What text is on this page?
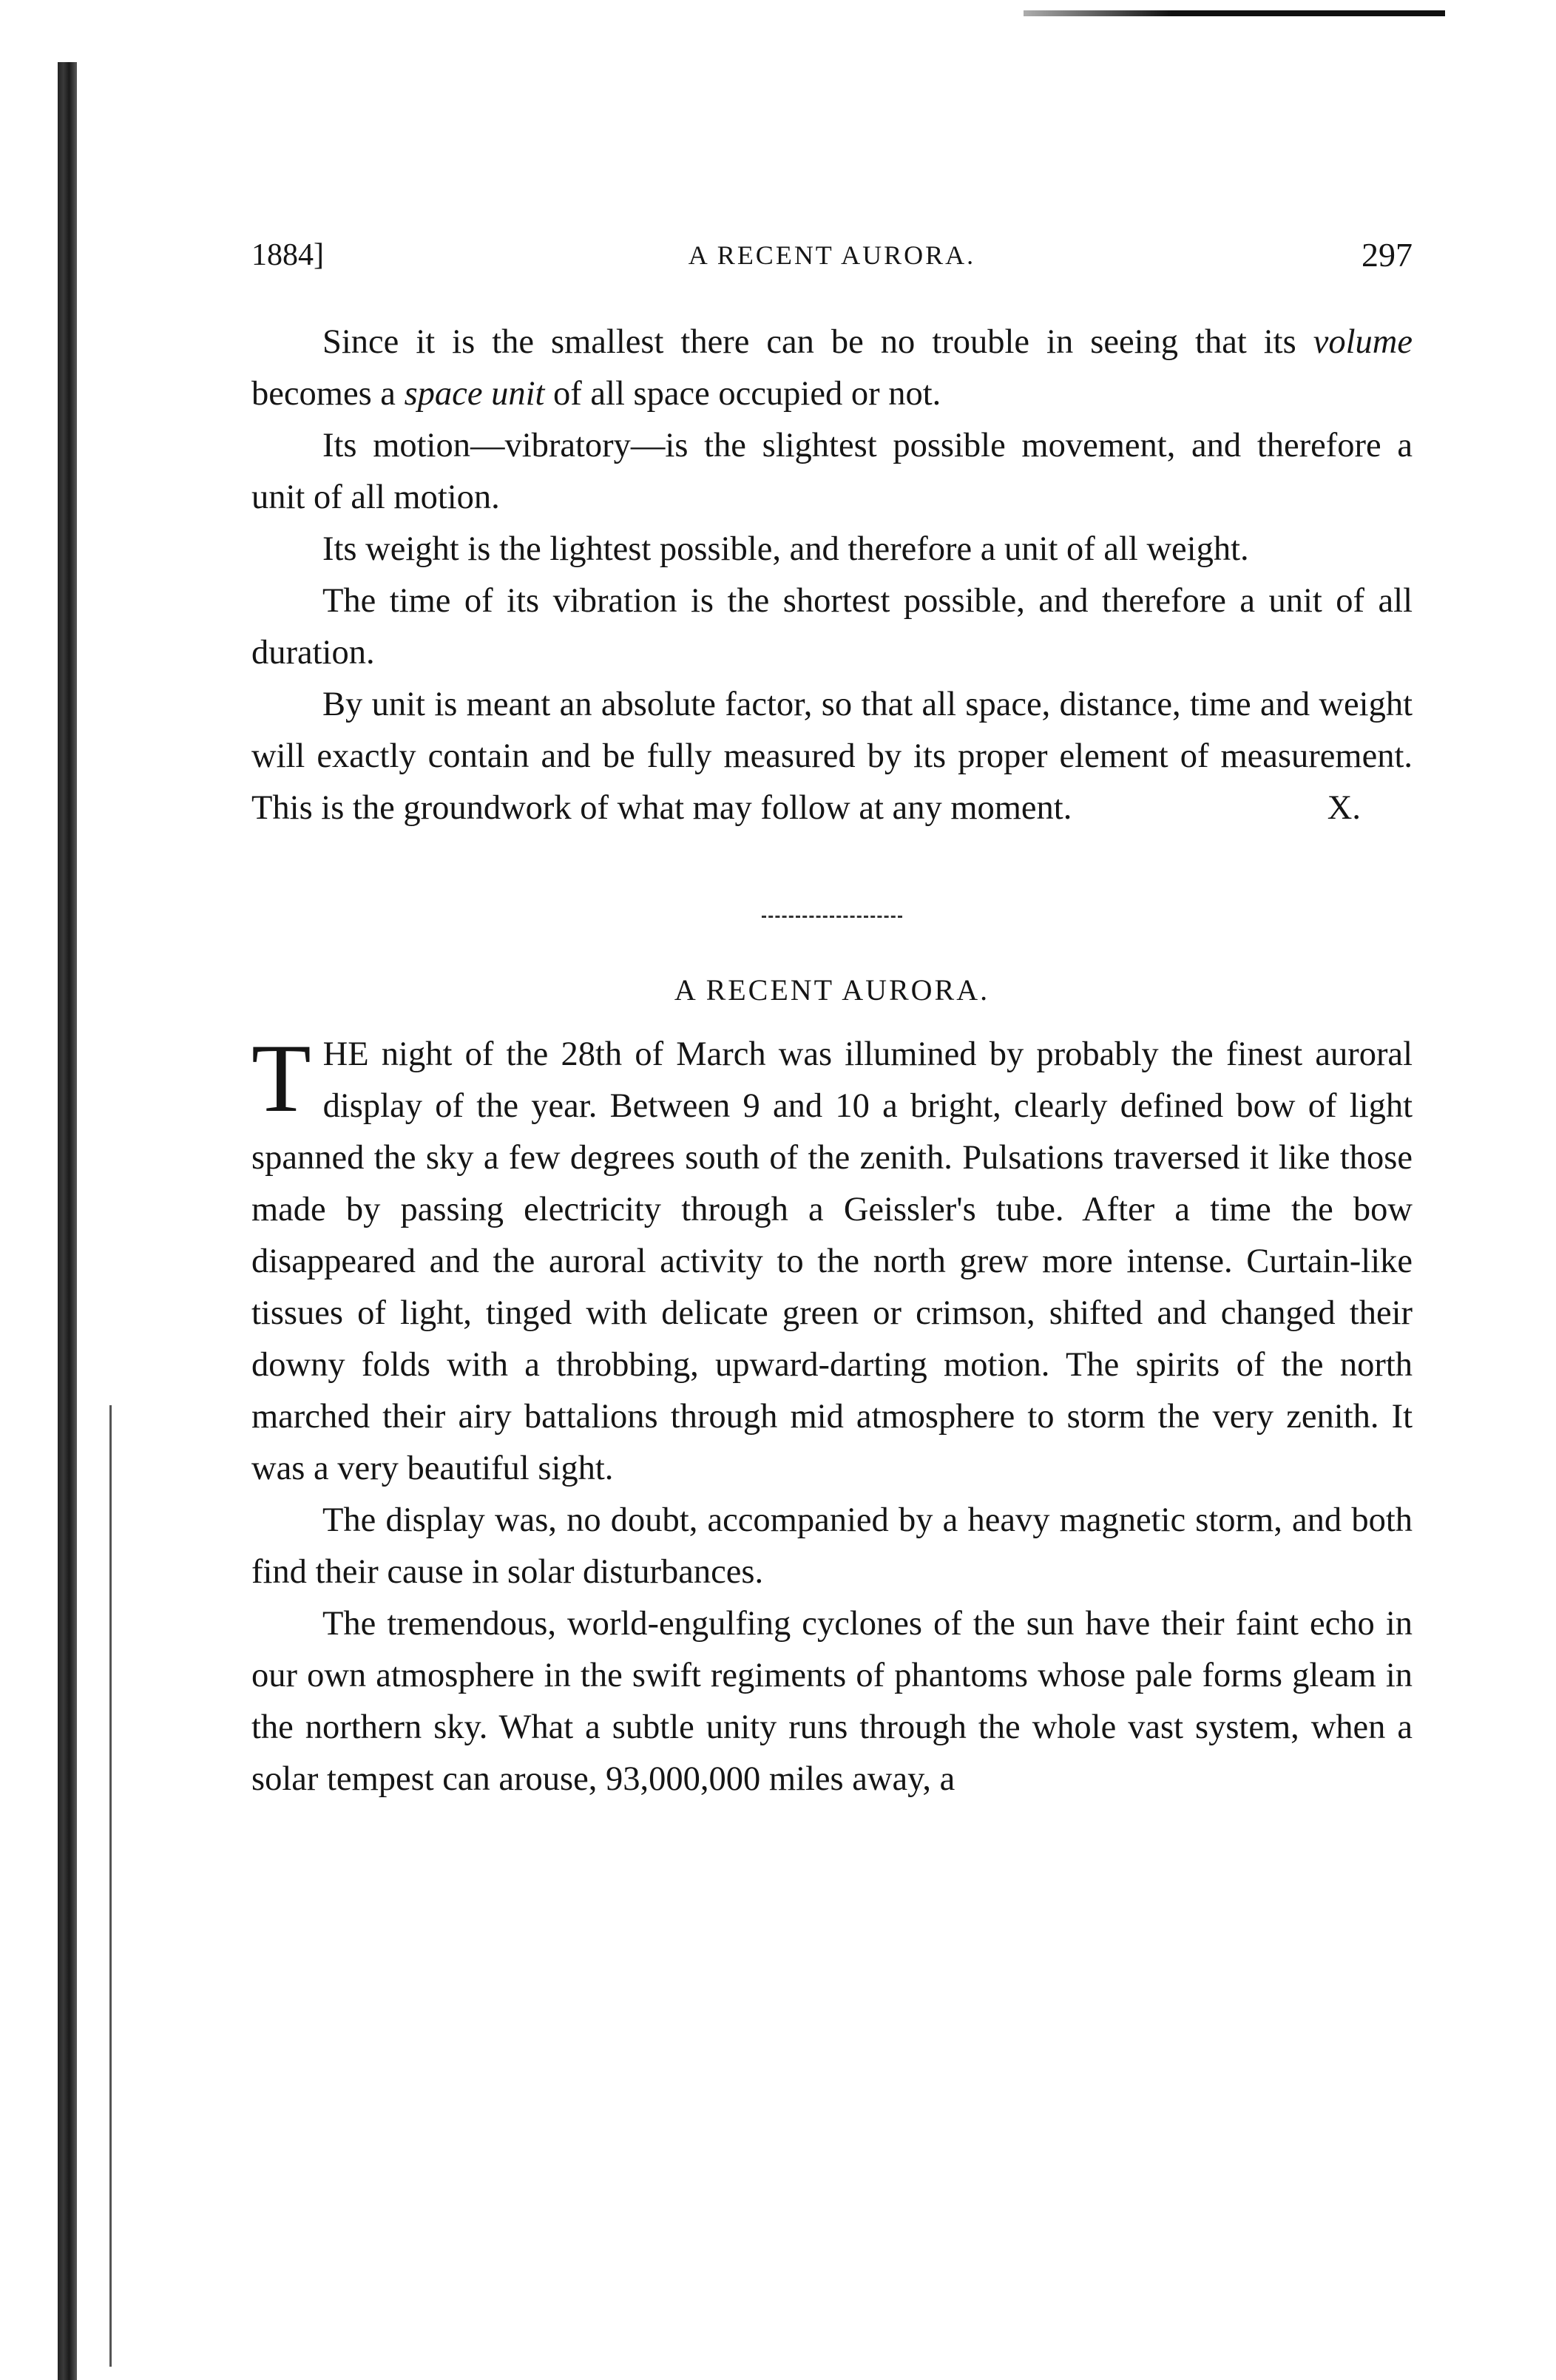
1884]	A RECENT AURORA.	297

Since it is the smallest there can be no trouble in seeing that its volume becomes a space unit of all space occupied or not.

Its motion—vibratory—is the slightest possible movement, and therefore a unit of all motion.

Its weight is the lightest possible, and therefore a unit of all weight.

The time of its vibration is the shortest possible, and therefore a unit of all duration.

By unit is meant an absolute factor, so that all space, distance, time and weight will exactly contain and be fully measured by its proper element of measurement. This is the groundwork of what may follow at any moment.	X.

A RECENT AURORA.

THE night of the 28th of March was illumined by probably the finest auroral display of the year. Between 9 and 10 a bright, clearly defined bow of light spanned the sky a few degrees south of the zenith. Pulsations traversed it like those made by passing electricity through a Geissler's tube. After a time the bow disappeared and the auroral activity to the north grew more intense. Curtain-like tissues of light, tinged with delicate green or crimson, shifted and changed their downy folds with a throbbing, upward-darting motion. The spirits of the north marched their airy battalions through mid atmosphere to storm the very zenith. It was a very beautiful sight.

The display was, no doubt, accompanied by a heavy magnetic storm, and both find their cause in solar disturbances.

The tremendous, world-engulfing cyclones of the sun have their faint echo in our own atmosphere in the swift regiments of phantoms whose pale forms gleam in the northern sky. What a subtle unity runs through the whole vast system, when a solar tempest can arouse, 93,000,000 miles away, a
